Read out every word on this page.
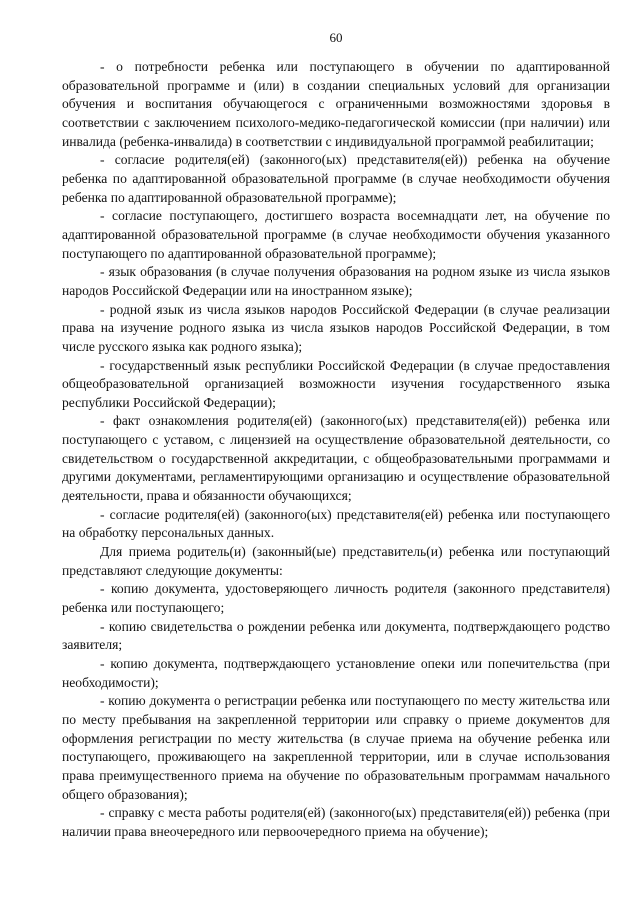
60

- о потребности ребенка или поступающего в обучении по адаптированной образовательной программе и (или) в создании специальных условий для организации обучения и воспитания обучающегося с ограниченными возможностями здоровья в соответствии с заключением психолого-медико-педагогической комиссии (при наличии) или инвалида (ребенка-инвалида) в соответствии с индивидуальной программой реабилитации;

- согласие родителя(ей) (законного(ых) представителя(ей)) ребенка на обучение ребенка по адаптированной образовательной программе (в случае необходимости обучения ребенка по адаптированной образовательной программе);

- согласие поступающего, достигшего возраста восемнадцати лет, на обучение по адаптированной образовательной программе (в случае необходимости обучения указанного поступающего по адаптированной образовательной программе);

- язык образования (в случае получения образования на родном языке из числа языков народов Российской Федерации или на иностранном языке);

- родной язык из числа языков народов Российской Федерации (в случае реализации права на изучение родного языка из числа языков народов Российской Федерации, в том числе русского языка как родного языка);

- государственный язык республики Российской Федерации (в случае предоставления общеобразовательной организацией возможности изучения государственного языка республики Российской Федерации);

- факт ознакомления родителя(ей) (законного(ых) представителя(ей)) ребенка или поступающего с уставом, с лицензией на осуществление образовательной деятельности, со свидетельством о государственной аккредитации, с общеобразовательными программами и другими документами, регламентирующими организацию и осуществление образовательной деятельности, права и обязанности обучающихся;

- согласие родителя(ей) (законного(ых) представителя(ей) ребенка или поступающего на обработку персональных данных.

Для приема родитель(и) (законный(ые) представитель(и) ребенка или поступающий представляют следующие документы:

- копию документа, удостоверяющего личность родителя (законного представителя) ребенка или поступающего;

- копию свидетельства о рождении ребенка или документа, подтверждающего родство заявителя;

- копию документа, подтверждающего установление опеки или попечительства (при необходимости);

- копию документа о регистрации ребенка или поступающего по месту жительства или по месту пребывания на закрепленной территории или справку о приеме документов для оформления регистрации по месту жительства (в случае приема на обучение ребенка или поступающего, проживающего на закрепленной территории, или в случае использования права преимущественного приема на обучение по образовательным программам начального общего образования);

- справку с места работы родителя(ей) (законного(ых) представителя(ей)) ребенка (при наличии права внеочередного или первоочередного приема на обучение);
